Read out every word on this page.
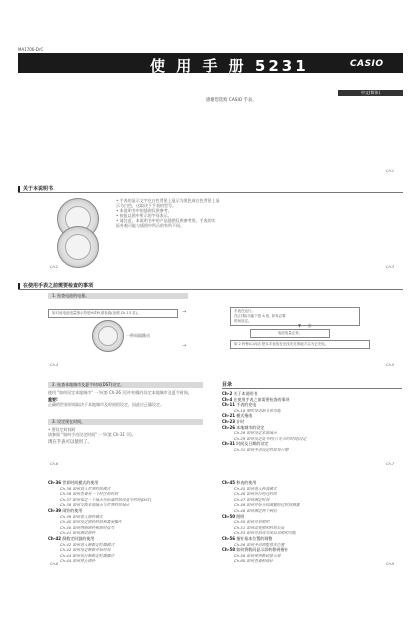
MA1706-DrC
使 用 手 册 5231	CASIO
中文(简体)
感谢您选购 CASIO 手表。
Ch-1
关于本说明书
• 手表的显示文字在白色背景上显示为黑色或白色背景上显
示为白色，这取决于手表的型号。
• 本说明书中的插图仅供参考，
• 按钮以图中所示的字母表示。
• 请注意，本说明书中的产品插图仅供参考用。手表的实
际外观可能与插图中所示的有所不同。
Ch-2	Ch-3
在使用手表之前需要检查的事项
1. 检查电池的电量。
如对此电池电量指示符是H或M,请参阅(参照 Ch-13 页)。
一秒间隔跳动
→	手表在运行。
在(日期)功能下按 A 钮, 如有必要
时间设定。
▼ 一 步
电池电量正常。
→	如 2 秒钟(L)闪动 把本手表放在光线充足的地方以为它充电。
Ch-4	Ch-5
2. 检查本地城市及夏令时间(DST)设定。
使用 "如何设定本地城市" 一节(第 Ch-26 页)中的操作设定本地城市及夏令时间。
重要!
正确的世界时间取决于本地城市及时间的设定，因此应正确设定。
3. 设定现在时间。
• 要设定时间时
请参阅 "如何手动设定时间" 一节(第 Ch-31 页)。
现在手表可以使用了。
Ch-6
目录
Ch-2 关于本说明书
Ch-4 在使用手表之前需要检查的事项
Ch-11 手表的充电
Ch-18 照明及电源节省功能
Ch-21 模式指南
Ch-23 计时
Ch-26 本地城市的设定
Ch-28 如何设定本地城市
Ch-29 如何设定夏令时(日光节约时间)设定
Ch-31 时间及日期的设定
Ch-31 如何手动设定时间及日期
Ch-7
Ch-36 世界时间模式的使用
Ch-36 如何进入世界时间模式
Ch-36 如何查看另一个时区的时间
Ch-37 如何指定一个城市在标准时间或夏令时间(DST)
Ch-38 如何交换本地城市与世界时间城市
Ch-39 闹铃的使用
Ch-39 如何进入闹铃模式
Ch-40 如何设定闹铃时间和需要操作
Ch-40 如何鸣响闹铃和报时信号
Ch-41 如何测试闹铃
Ch-42 倒数定时器的使用
Ch-42 如何进入倒数定时器模式
Ch-42 如何设定倒数开始时间
Ch-44 如何执行倒数定时器操作
Ch-44 如何停止闹铃
Ch-8
Ch-45 秒表的使用
Ch-45 如何进入秒表模式
Ch-46 如何执行经过时间
Ch-47 如何测定时间
Ch-48 如何开始分段测量经过时间测量
Ch-48 如何测定两个到达
Ch-50 照明
Ch-50 如何开启照明
Ch-51 如何改变照明时间长度
Ch-53 如何开启或关闭自动照明功能
Ch-56 指针基本位置的调整
Ch-56 如何手动调整基本位置
Ch-58 如何将数码显示屏转移到指针
Ch-58 如何使用数码显示屏
Ch-60 如何查看和指针
Ch-9
